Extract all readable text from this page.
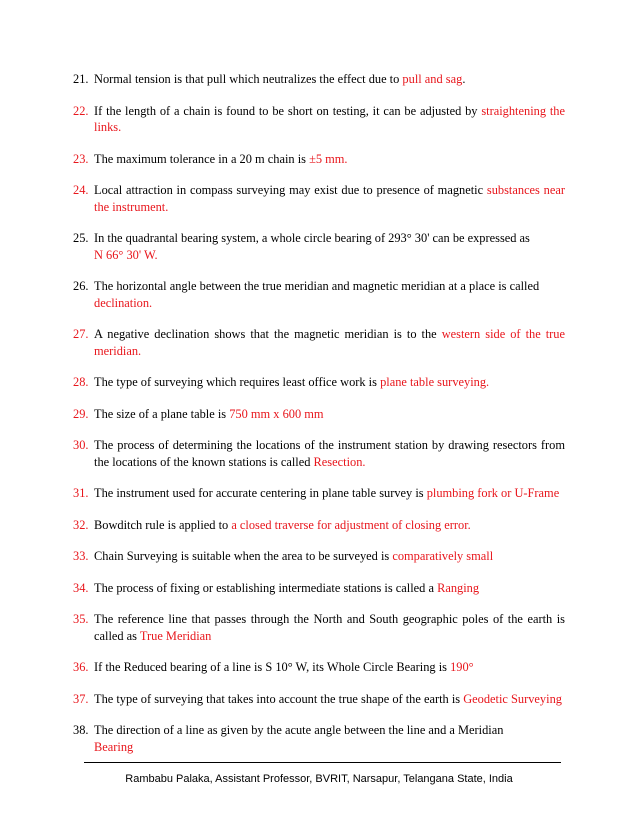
21. Normal tension is that pull which neutralizes the effect due to pull and sag.
22. If the length of a chain is found to be short on testing, it can be adjusted by straightening the links.
23. The maximum tolerance in a 20 m chain is ±5 mm.
24. Local attraction in compass surveying may exist due to presence of magnetic substances near the instrument.
25. In the quadrantal bearing system, a whole circle bearing of 293° 30' can be expressed as
N 66° 30' W.
26. The horizontal angle between the true meridian and magnetic meridian at a place is called
declination.
27. A negative declination shows that the magnetic meridian is to the western side of the true meridian.
28. The type of surveying which requires least office work is plane table surveying.
29. The size of a plane table is 750 mm x 600 mm
30. The process of determining the locations of the instrument station by drawing resectors from the locations of the known stations is called Resection.
31. The instrument used for accurate centering in plane table survey is plumbing fork or U-Frame
32. Bowditch rule is applied to a closed traverse for adjustment of closing error.
33. Chain Surveying is suitable when the area to be surveyed is comparatively small
34. The process of fixing or establishing intermediate stations is called a Ranging
35. The reference line that passes through the North and South geographic poles of the earth is called as True Meridian
36. If the Reduced bearing of a line is S 10° W, its Whole Circle Bearing is 190°
37. The type of surveying that takes into account the true shape of the earth is Geodetic Surveying
38. The direction of a line as given by the acute angle between the line and a Meridian
Bearing
Rambabu Palaka, Assistant Professor, BVRIT, Narsapur, Telangana State, India
